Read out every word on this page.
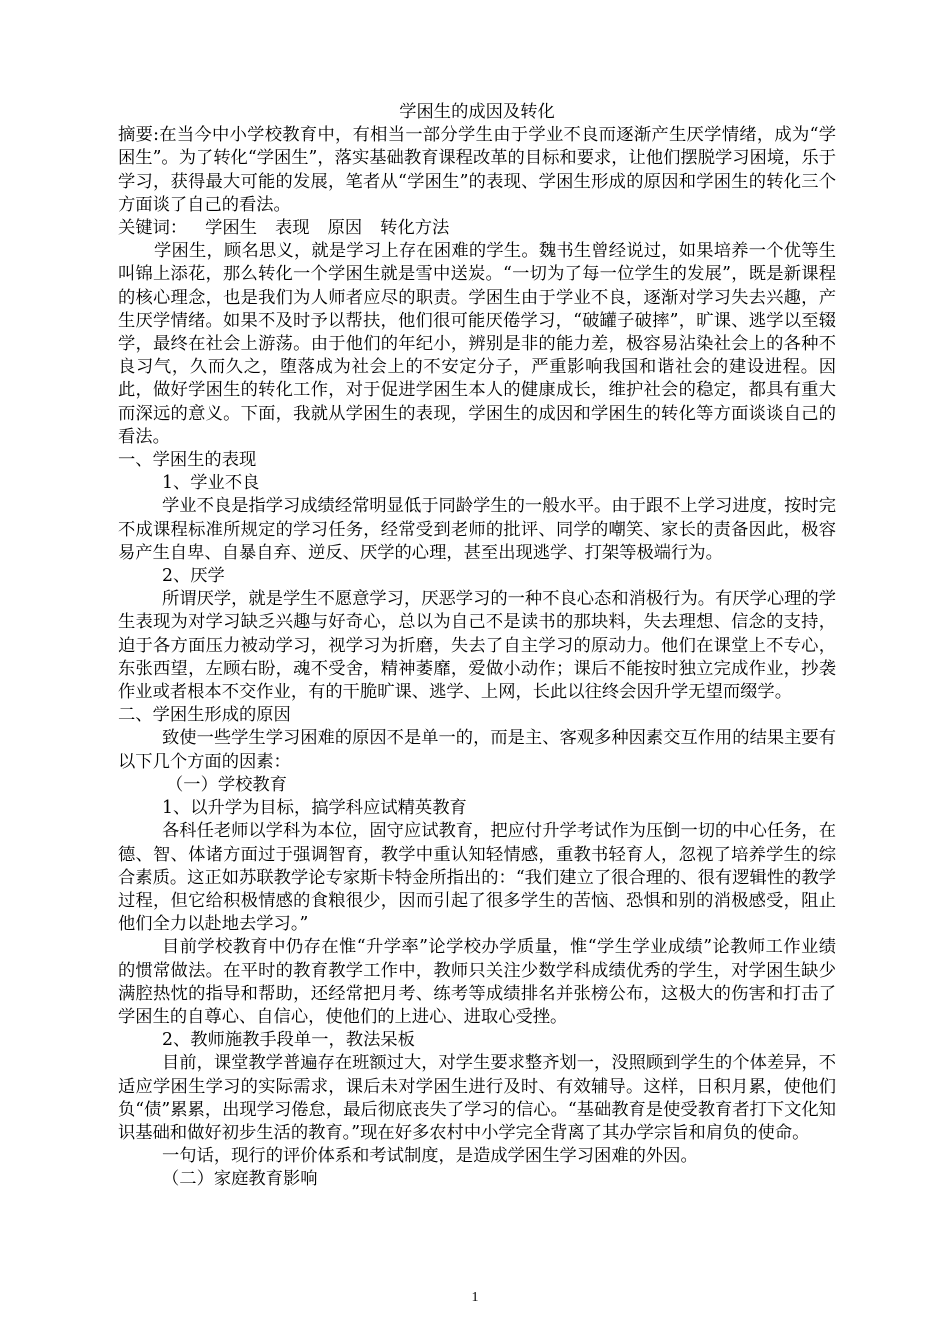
学困生的成因及转化

摘要:在当今中小学校教育中，有相当一部分学生由于学业不良而逐渐产生厌学情绪，成为“学困生”。为了转化“学困生”，落实基础教育课程改革的目标和要求，让他们摆脱学习困境，乐于学习，获得最大可能的发展，笔者从“学困生”的表现、学困生形成的原因和学困生的转化三个方面谈了自己的看法。

关键词： 学困生 表现 原因 转化方法

学困生，顾名思义，就是学习上存在困难的学生。魏书生曾经说过，如果培养一个优等生叫锦上添花，那么转化一个学困生就是雪中送炭。“一切为了每一位学生的发展”，既是新课程的核心理念，也是我们为人师者应尽的职责。学困生由于学业不良，逐渐对学习失去兴趣，产生厌学情绪。如果不及时予以帮扶，他们很可能厌倦学习，“破罐子破摔”，旷课、逃学以至辍学，最终在社会上游荡。由于他们的年纪小，辨别是非的能力差，极容易沾染社会上的各种不良习气，久而久之，堕落成为社会上的不安定分子，严重影响我国和谐社会的建设进程。因此，做好学困生的转化工作，对于促进学困生本人的健康成长，维护社会的稳定，都具有重大而深远的意义。下面，我就从学困生的表现，学困生的成因和学困生的转化等方面谈谈自己的看法。

一、学困生的表现

1、学业不良

学业不良是指学习成绩经常明显低于同龄学生的一般水平。由于跟不上学习进度，按时完不成课程标准所规定的学习任务，经常受到老师的批评、同学的嘲笑、家长的责备因此，极容易产生自卑、自暴自弃、逆反、厌学的心理，甚至出现逃学、打架等极端行为。

2、厌学

所谓厌学，就是学生不愿意学习，厌恶学习的一种不良心态和消极行为。有厌学心理的学生表现为对学习缺乏兴趣与好奇心，总以为自己不是读书的那块料，失去理想、信念的支持，迫于各方面压力被动学习，视学习为折磨，失去了自主学习的原动力。他们在课堂上不专心，东张西望，左顾右盼，魂不受舍，精神萎靡，爱做小动作；课后不能按时独立完成作业，抄袭作业或者根本不交作业，有的干脆旷课、逃学、上网，长此以往终会因升学无望而缀学。

二、学困生形成的原因

致使一些学生学习困难的原因不是单一的，而是主、客观多种因素交互作用的结果主要有以下几个方面的因素：

（一）学校教育

1、以升学为目标，搞学科应试精英教育

各科任老师以学科为本位，固守应试教育，把应付升学考试作为压倒一切的中心任务，在德、智、体诸方面过于强调智育，教学中重认知轻情感，重教书轻育人，忽视了培养学生的综合素质。这正如苏联教学论专家斯卡特金所指出的：“我们建立了很合理的、很有逻辑性的教学过程，但它给积极情感的食粮很少，因而引起了很多学生的苦恼、恐惧和别的消极感受，阻止他们全力以赴地去学习。”

目前学校教育中仍存在惟“升学率”论学校办学质量，惟“学生学业成绩”论教师工作业绩的惯常做法。在平时的教育教学工作中，教师只关注少数学科成绩优秀的学生，对学困生缺少满腔热忱的指导和帮助，还经常把月考、练考等成绩排名并张榜公布，这极大的伤害和打击了学困生的自尊心、自信心，使他们的上进心、进取心受挫。

2、教师施教手段单一，教法呆板

目前，课堂教学普遍存在班额过大，对学生要求整齐划一，没照顾到学生的个体差异，不适应学困生学习的实际需求，课后未对学困生进行及时、有效辅导。这样，日积月累，使他们负“债”累累，出现学习倦怠，最后彻底丧失了学习的信心。“基础教育是使受教育者打下文化知识基础和做好初步生活的教育。”现在好多农村中小学完全背离了其办学宗旨和肩负的使命。

一句话，现行的评价体系和考试制度，是造成学困生学习困难的外因。

（二）家庭教育影响

1
